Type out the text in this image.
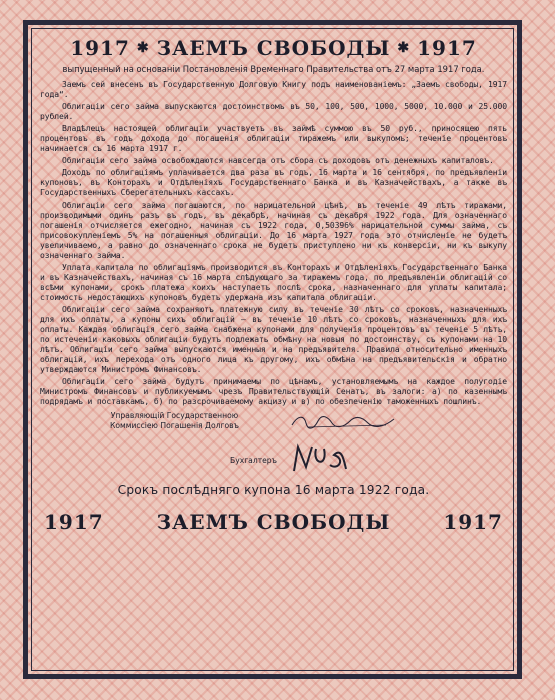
1917 ✱ ЗАЕМЪ СВОБОДЫ ✱ 1917
выпущенный на основаніи Постановленія Временнаго Правительства отъ 27 марта 1917 года.

Заемъ сей внесенъ въ Государственную Долговую Книгу подъ наименованіемъ: „Заемъ свободы, 1917 года“.

Облигаціи сего займа выпускаются достоинствомъ въ 50, 100, 500, 1000, 5000, 10.000 и 25.000 рублей.

Владѣлецъ настоящей облигаціи участвуетъ въ займѣ суммою въ 50 руб., приносящею пять процентовъ въ годъ дохода до погашенія облигаціи тиражемъ или выкупомъ; теченіе процентовъ начинается съ 16 марта 1917 г.

Облигаціи сего займа освобождаются навсегда отъ сбора съ доходовъ отъ денежныхъ капиталовъ.

Доходъ по облигаціямъ уплачивается два раза въ годъ, 16 марта и 16 сентября, по предъявленіи купоновъ, въ Конторахъ и Отдѣленіяхъ Государственнаго Банка и въ Казначействахъ, а также въ Государственныхъ Сберегательныхъ кассахъ.

Облигаціи сего займа погашаются, по нарицательной цѣнѣ, въ теченіе 49 лѣтъ тиражами, производимыми одинъ разъ въ годъ, въ декабрѣ, начиная съ декабря 1922 года. Для означеннаго погашенія отчисляется ежегодно, начиная съ 1922 года, 0,50396% нарицательной суммы займа, съ присовокупленіемъ 5% на погашенныя облигаціи. До 16 марта 1927 года это отчисленіе не будетъ увеличиваемо, а равно до означеннаго срока не будетъ приступлено ни къ конверсіи, ни къ выкупу означеннаго займа.

Уплата капитала по облигаціямъ производится въ Конторахъ и Отдѣленіяхъ Государственнаго Банка и въ Казначействахъ, начиная съ 16 марта слѣдующаго за тиражемъ года, по предъявленіи облигацій со всѣми купонами, срокъ платежа коихъ наступаетъ послѣ срока, назначеннаго для уплаты капитала; стоимость недостающихъ купоновъ будетъ удержана изъ капитала облигаціи.

Облигаціи сего займа сохраняютъ платежную силу въ теченіе 30 лѣтъ со сроковъ, назначенныхъ для ихъ оплаты, а купоны сихъ облигацій — въ теченіе 10 лѣтъ со сроковъ, назначенныхъ для ихъ оплаты. Каждая облигація сего займа снабжена купонами для полученія процентовъ въ теченіе 5 лѣтъ, по истеченіи каковыхъ облигаціи будутъ подлежать обмѣну на новыя по достоинству, съ купонами на 10 лѣтъ. Облигаціи сего займа выпускаются именныя и на предъявителя. Правила относительно именныхъ облигацій, ихъ перехода отъ одного лица къ другому, ихъ обмѣна на предъявительскія и обратно утверждаются Министромъ Финансовъ.

Облигаціи сего займа будутъ принимаемы по цѣнамъ, установляемымъ на каждое полугодіе Министромъ Финансовъ и публикуемымъ чрезъ Правительствующій Сенатъ, въ залоги: а) по казеннымъ подрядамъ и поставкамъ, б) по разсрочиваемому акцизу и в) по обезпеченію таможенныхъ пошлинъ.

Управляющій Государственною
Коммиссіею Погашенія Долговъ
Бухгалтеръ
Срокъ послѣдняго купона 16 марта 1922 года.
1917	ЗАЕМЪ СВОБОДЫ	1917
